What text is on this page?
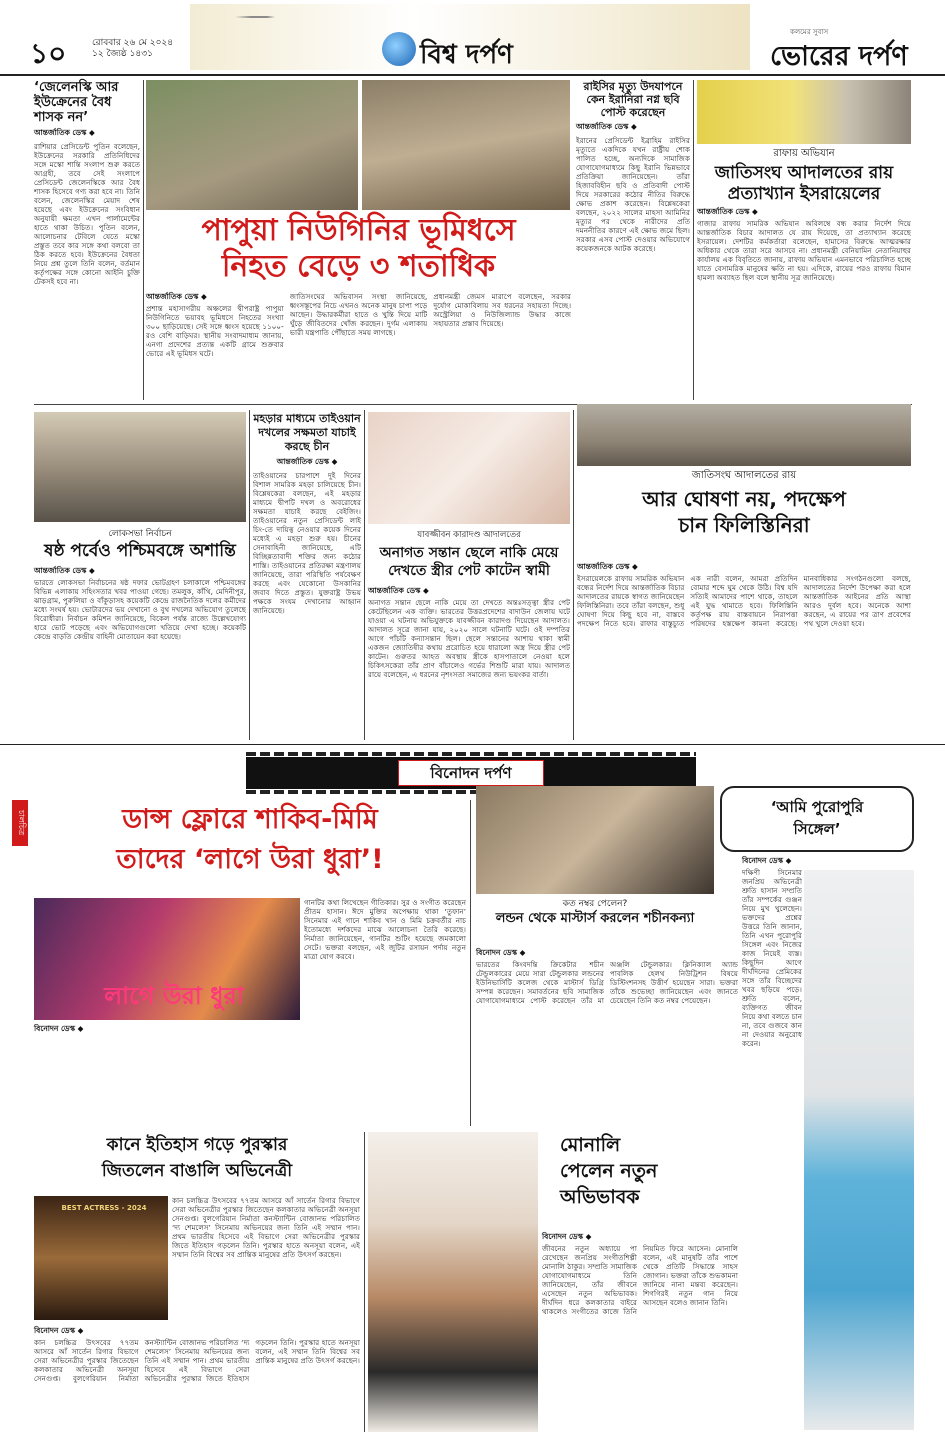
১০	রোববার ২৬ মে ২০২৪
১২ জ্যৈষ্ঠ ১৪৩১	বিশ্ব দর্পণ
কলমের সুবাস
ভোরের দর্পণ
‘জেলেনস্কি আর ইউক্রেনের বৈধ শাসক নন’
আন্তর্জাতিক ডেস্ক ◆
রাশিয়ার প্রেসিডেন্ট পুতিন বলেছেন, ইউক্রেনের সরকারি প্রতিনিধিদের সঙ্গে মস্কো শান্তি সংলাপ শুরু করতে আগ্রহী, তবে সেই সংলাপে প্রেসিডেন্ট জেলেনস্কিকে আর বৈধ শাসক হিসেবে গণ্য করা হবে না। তিনি বলেন, জেলেনস্কির মেয়াদ শেষ হয়েছে এবং ইউক্রেনের সংবিধান অনুযায়ী ক্ষমতা এখন পার্লামেন্টের হাতে থাকা উচিত। পুতিন বলেন, আলোচনার টেবিলে যেতে মস্কো প্রস্তুত তবে কার সঙ্গে কথা বলবো তা ঠিক করতে হবে। ইউক্রেনের বৈধতা নিয়ে প্রশ্ন তুলে তিনি বলেন, বর্তমান কর্তৃপক্ষের সঙ্গে কোনো আইনি চুক্তি টেকসই হবে না।
পাপুয়া নিউগিনির ভূমিধসে
নিহত বেড়ে ৩ শতাধিক
আন্তর্জাতিক ডেস্ক ◆
প্রশান্ত মহাসাগরীয় অঞ্চলের দ্বীপরাষ্ট্র পাপুয়া নিউগিনিতে ভয়াবহ ভূমিধসে নিহতের সংখ্যা ৩০০ ছাড়িয়েছে। সেই সঙ্গে ধ্বংস হয়েছে ১১০০-রও বেশি বাড়িঘর। স্থানীয় সংবাদমাধ্যম জানায়, এনগা প্রদেশের প্রত্যন্ত একটি গ্রামে শুক্রবার ভোরে এই ভূমিধস ঘটে।
জাতিসংঘের অভিবাসন সংস্থা জানিয়েছে, ধ্বংসস্তূপের নিচে এখনও অনেক মানুষ চাপা পড়ে আছেন। উদ্ধারকর্মীরা হাতে ও খুন্তি দিয়ে মাটি খুঁড়ে জীবিতদের খোঁজ করছেন। দুর্গম এলাকায় ভারী যন্ত্রপাতি পৌঁছাতে সময় লাগছে।
প্রধানমন্ত্রী জেমস মারাপে বলেছেন, সরকার দুর্যোগ মোকাবিলায় সব ধরনের সহায়তা দিচ্ছে। অস্ট্রেলিয়া ও নিউজিল্যান্ড উদ্ধার কাজে সহায়তার প্রস্তাব দিয়েছে।
রাইসির মৃত্যু উদযাপনে কেন ইরানিরা নগ্ন ছবি পোস্ট করেছেন
আন্তর্জাতিক ডেস্ক ◆
ইরানের প্রেসিডেন্ট ইব্রাহিম রাইসির মৃত্যুতে একদিকে যখন রাষ্ট্রীয় শোক পালিত হচ্ছে, অন্যদিকে সামাজিক যোগাযোগমাধ্যমে কিছু ইরানি ভিন্নভাবে প্রতিক্রিয়া জানিয়েছেন। তাঁরা হিজাববিহীন ছবি ও প্রতিবাদী পোস্ট দিয়ে সরকারের কঠোর নীতির বিরুদ্ধে ক্ষোভ প্রকাশ করেছেন। বিশ্লেষকেরা বলছেন, ২০২২ সালের মাহসা আমিনির মৃত্যুর পর থেকে নারীদের প্রতি দমননীতির কারণে এই ক্ষোভ জমে ছিল। সরকার এসব পোস্ট দেওয়ার অভিযোগে কয়েকজনকে আটক করেছে।
রাফায় অভিযান
জাতিসংঘ আদালতের রায়
প্রত্যাখ্যান ইসরায়েলের
আন্তর্জাতিক ডেস্ক ◆
গাজার রাফায় সামরিক অভিযান অবিলম্বে বন্ধ করার নির্দেশ দিয়ে আন্তর্জাতিক বিচার আদালত যে রায় দিয়েছে, তা প্রত্যাখ্যান করেছে ইসরায়েল। দেশটির কর্মকর্তারা বলেছেন, হামাসের বিরুদ্ধে আত্মরক্ষার অধিকার থেকে তারা সরে আসবে না। প্রধানমন্ত্রী বেনিয়ামিন নেতানিয়াহুর কার্যালয় এক বিবৃতিতে জানায়, রাফায় অভিযান এমনভাবে পরিচালিত হচ্ছে যাতে বেসামরিক মানুষের ক্ষতি না হয়। এদিকে, রায়ের পরও রাফায় বিমান হামলা অব্যাহত ছিল বলে স্থানীয় সূত্র জানিয়েছে।
লোকসভা নির্বাচন
ষষ্ঠ পর্বেও পশ্চিমবঙ্গে অশান্তি
আন্তর্জাতিক ডেস্ক ◆
ভারতে লোকসভা নির্বাচনের ষষ্ঠ দফার ভোটগ্রহণ চলাকালে পশ্চিমবঙ্গের বিভিন্ন এলাকায় সহিংসতার খবর পাওয়া গেছে। তমলুক, কাঁথি, মেদিনীপুর, ঝাড়গ্রাম, পুরুলিয়া ও বাঁকুড়াসহ কয়েকটি কেন্দ্রে রাজনৈতিক দলের কর্মীদের মধ্যে সংঘর্ষ হয়। ভোটারদের ভয় দেখানো ও বুথ দখলের অভিযোগ তুলেছে বিরোধীরা। নির্বাচন কমিশন জানিয়েছে, বিকেল পর্যন্ত রাজ্যে উল্লেখযোগ্য হারে ভোট পড়েছে এবং অভিযোগগুলো খতিয়ে দেখা হচ্ছে। কয়েকটি কেন্দ্রে বাড়তি কেন্দ্রীয় বাহিনী মোতায়েন করা হয়েছে।
মহড়ার মাধ্যমে তাইওয়ান দখলের সক্ষমতা যাচাই করছে চীন
আন্তর্জাতিক ডেস্ক ◆
তাইওয়ানের চারপাশে দুই দিনের বিশাল সামরিক মহড়া চালিয়েছে চীন। বিশ্লেষকেরা বলছেন, এই মহড়ার মাধ্যমে দ্বীপটি দখল ও অবরোধের সক্ষমতা যাচাই করছে বেইজিং। তাইওয়ানের নতুন প্রেসিডেন্ট লাই চিং-তে দায়িত্ব নেওয়ার কয়েক দিনের মধ্যেই এ মহড়া শুরু হয়। চীনের সেনাবাহিনী জানিয়েছে, এটি বিচ্ছিন্নতাবাদী শক্তির জন্য কঠোর শাস্তি। তাইওয়ানের প্রতিরক্ষা মন্ত্রণালয় জানিয়েছে, তারা পরিস্থিতি পর্যবেক্ষণ করছে এবং যেকোনো উসকানির জবাব দিতে প্রস্তুত। যুক্তরাষ্ট্র উভয় পক্ষকে সংযম দেখানোর আহ্বান জানিয়েছে।
যাবজ্জীবন কারাদণ্ড আদালতের
অনাগত সন্তান ছেলে নাকি মেয়ে দেখতে স্ত্রীর পেট কাটেন স্বামী
আন্তর্জাতিক ডেস্ক ◆
অনাগত সন্তান ছেলে নাকি মেয়ে তা দেখতে অন্তঃসত্ত্বা স্ত্রীর পেট কেটেছিলেন এক ব্যক্তি। ভারতের উত্তরপ্রদেশের বাদাউন জেলায় ঘটে যাওয়া এ ঘটনায় অভিযুক্তকে যাবজ্জীবন কারাদণ্ড দিয়েছেন আদালত। আদালত সূত্রে জানা যায়, ২০২০ সালে ঘটনাটি ঘটে। ওই দম্পতির আগে পাঁচটি কন্যাসন্তান ছিল। ছেলে সন্তানের আশায় থাকা স্বামী একজন জ্যোতিষীর কথায় প্ররোচিত হয়ে ধারালো অস্ত্র দিয়ে স্ত্রীর পেট কাটেন। গুরুতর আহত অবস্থায় স্ত্রীকে হাসপাতালে নেওয়া হলে চিকিৎসকেরা তাঁর প্রাণ বাঁচালেও গর্ভের শিশুটি মারা যায়। আদালত রায়ে বলেছেন, এ ধরনের নৃশংসতা সমাজের জন্য ভয়ংকর বার্তা।
জাতিসংঘ আদালতের রায়
আর ঘোষণা নয়, পদক্ষেপ
চান ফিলিস্তিনিরা
আন্তর্জাতিক ডেস্ক ◆
ইসরায়েলকে রাফায় সামরিক অভিযান বন্ধের নির্দেশ দিয়ে আন্তর্জাতিক বিচার আদালতের রায়কে স্বাগত জানিয়েছেন ফিলিস্তিনিরা। তবে তাঁরা বলছেন, শুধু ঘোষণা দিয়ে কিছু হবে না, বাস্তবে পদক্ষেপ নিতে হবে। রাফার বাস্তুচ্যুত এক নারী বলেন, আমরা প্রতিদিন বোমার শব্দে ঘুম থেকে উঠি। বিশ্ব যদি সত্যিই আমাদের পাশে থাকে, তাহলে এই যুদ্ধ থামাতে হবে। ফিলিস্তিনি কর্তৃপক্ষ রায় বাস্তবায়নে নিরাপত্তা পরিষদের হস্তক্ষেপ কামনা করেছে। মানবাধিকার সংগঠনগুলো বলছে, আদালতের নির্দেশ উপেক্ষা করা হলে আন্তর্জাতিক আইনের প্রতি আস্থা আরও দুর্বল হবে। অনেকে আশা করছেন, এ রায়ের পর ত্রাণ প্রবেশের পথ খুলে দেওয়া হবে।
বিনোদন দর্পণ
চালচিত্র	ডান্স ফ্লোরে শাকিব-মিমি
তাদের ‘লাগে উরা ধুরা’!
লাগে উরা ধুরা
গানটির কথা লিখেছেন গীতিকার। সুর ও সংগীত করেছেন প্রীতম হাসান। ঈদে মুক্তির অপেক্ষায় থাকা ‘তুফান’ সিনেমার এই গানে শাকিব খান ও মিমি চক্রবর্তীর নাচ ইতোমধ্যে দর্শকদের মাঝে আলোচনা তৈরি করেছে। নির্মাতা জানিয়েছেন, গানটির শুটিং হয়েছে জমকালো সেটে। ভক্তরা বলছেন, এই জুটির রসায়ন পর্দায় নতুন মাত্রা যোগ করবে।
বিনোদন ডেস্ক ◆
কত নম্বর পেলেন?
লন্ডন থেকে মাস্টার্স করলেন শচীনকন্যা
বিনোদন ডেস্ক ◆
ভারতের কিংবদন্তি ক্রিকেটার শচীন টেন্ডুলকারের মেয়ে সারা টেন্ডুলকার লন্ডনের ইউনিভার্সিটি কলেজ থেকে মাস্টার্স ডিগ্রি সম্পন্ন করেছেন। সমাবর্তনের ছবি সামাজিক যোগাযোগমাধ্যমে পোস্ট করেছেন তাঁর মা অঞ্জলি টেন্ডুলকার। ক্লিনিক্যাল অ্যান্ড পাবলিক হেলথ নিউট্রিশন বিষয়ে ডিস্টিংশনসহ উত্তীর্ণ হয়েছেন সারা। ভক্তরা তাঁকে শুভেচ্ছা জানিয়েছেন এবং জানতে চেয়েছেন তিনি কত নম্বর পেয়েছেন।
‘আমি পুরোপুরি
সিঙ্গেল’
বিনোদন ডেস্ক ◆
দক্ষিণী সিনেমার জনপ্রিয় অভিনেত্রী শ্রুতি হাসান সম্প্রতি তাঁর সম্পর্কের গুঞ্জন নিয়ে মুখ খুলেছেন। ভক্তদের প্রশ্নের উত্তরে তিনি জানান, তিনি এখন পুরোপুরি সিঙ্গেল এবং নিজের কাজ নিয়েই ব্যস্ত। কিছুদিন আগে দীর্ঘদিনের প্রেমিকের সঙ্গে তাঁর বিচ্ছেদের খবর ছড়িয়ে পড়ে। শ্রুতি বলেন, ব্যক্তিগত জীবন নিয়ে কথা বলতে চান না, তবে গুজবে কান না দেওয়ার অনুরোধ করেন।
কানে ইতিহাস গড়ে পুরস্কার
জিতলেন বাঙালি অভিনেত্রী
BEST ACTRESS - 2024
বিনোদন ডেস্ক ◆
কান চলচ্চিত্র উৎসবের ৭৭তম আসরে আঁ সার্তেন রিগার বিভাগে সেরা অভিনেত্রীর পুরস্কার জিতেছেন কলকাতার অভিনেত্রী অনসূয়া সেনগুপ্ত। বুলগেরিয়ান নির্মাতা কনস্ট্যান্টিন বোজানভ পরিচালিত ‘দ্য শেমলেস’ সিনেমায় অভিনয়ের জন্য তিনি এই সম্মান পান। প্রথম ভারতীয় হিসেবে এই বিভাগে সেরা অভিনেত্রীর পুরস্কার জিতে ইতিহাস গড়লেন তিনি। পুরস্কার হাতে অনসূয়া বলেন, এই সম্মান তিনি বিশ্বের সব প্রান্তিক মানুষের প্রতি উৎসর্গ করছেন।
কান চলচ্চিত্র উৎসবের ৭৭তম আসরে আঁ সার্তেন রিগার বিভাগে সেরা অভিনেত্রীর পুরস্কার জিতেছেন কলকাতার অভিনেত্রী অনসূয়া সেনগুপ্ত। বুলগেরিয়ান নির্মাতা কনস্ট্যান্টিন বোজানভ পরিচালিত ‘দ্য শেমলেস’ সিনেমায় অভিনয়ের জন্য তিনি এই সম্মান পান। প্রথম ভারতীয় হিসেবে এই বিভাগে সেরা অভিনেত্রীর পুরস্কার জিতে ইতিহাস গড়লেন তিনি। পুরস্কার হাতে অনসূয়া বলেন, এই সম্মান তিনি বিশ্বের সব প্রান্তিক মানুষের প্রতি উৎসর্গ করছেন।
মোনালি
পেলেন নতুন
অভিভাবক
বিনোদন ডেস্ক ◆
জীবনের নতুন অধ্যায়ে পা রেখেছেন জনপ্রিয় সংগীতশিল্পী মোনালি ঠাকুর। সম্প্রতি সামাজিক যোগাযোগমাধ্যমে তিনি জানিয়েছেন, তাঁর জীবনে এসেছেন নতুন অভিভাবক। দীর্ঘদিন ধরে কলকাতার বাইরে থাকলেও সংগীতের কাজে তিনি নিয়মিত ফিরে আসেন। মোনালি বলেন, এই মানুষটি তাঁর পাশে থেকে প্রতিটি সিদ্ধান্তে সাহস জোগান। ভক্তরা তাঁকে শুভকামনা জানিয়ে নানা মন্তব্য করেছেন। শিগগিরই নতুন গান নিয়ে আসছেন বলেও জানান তিনি।
